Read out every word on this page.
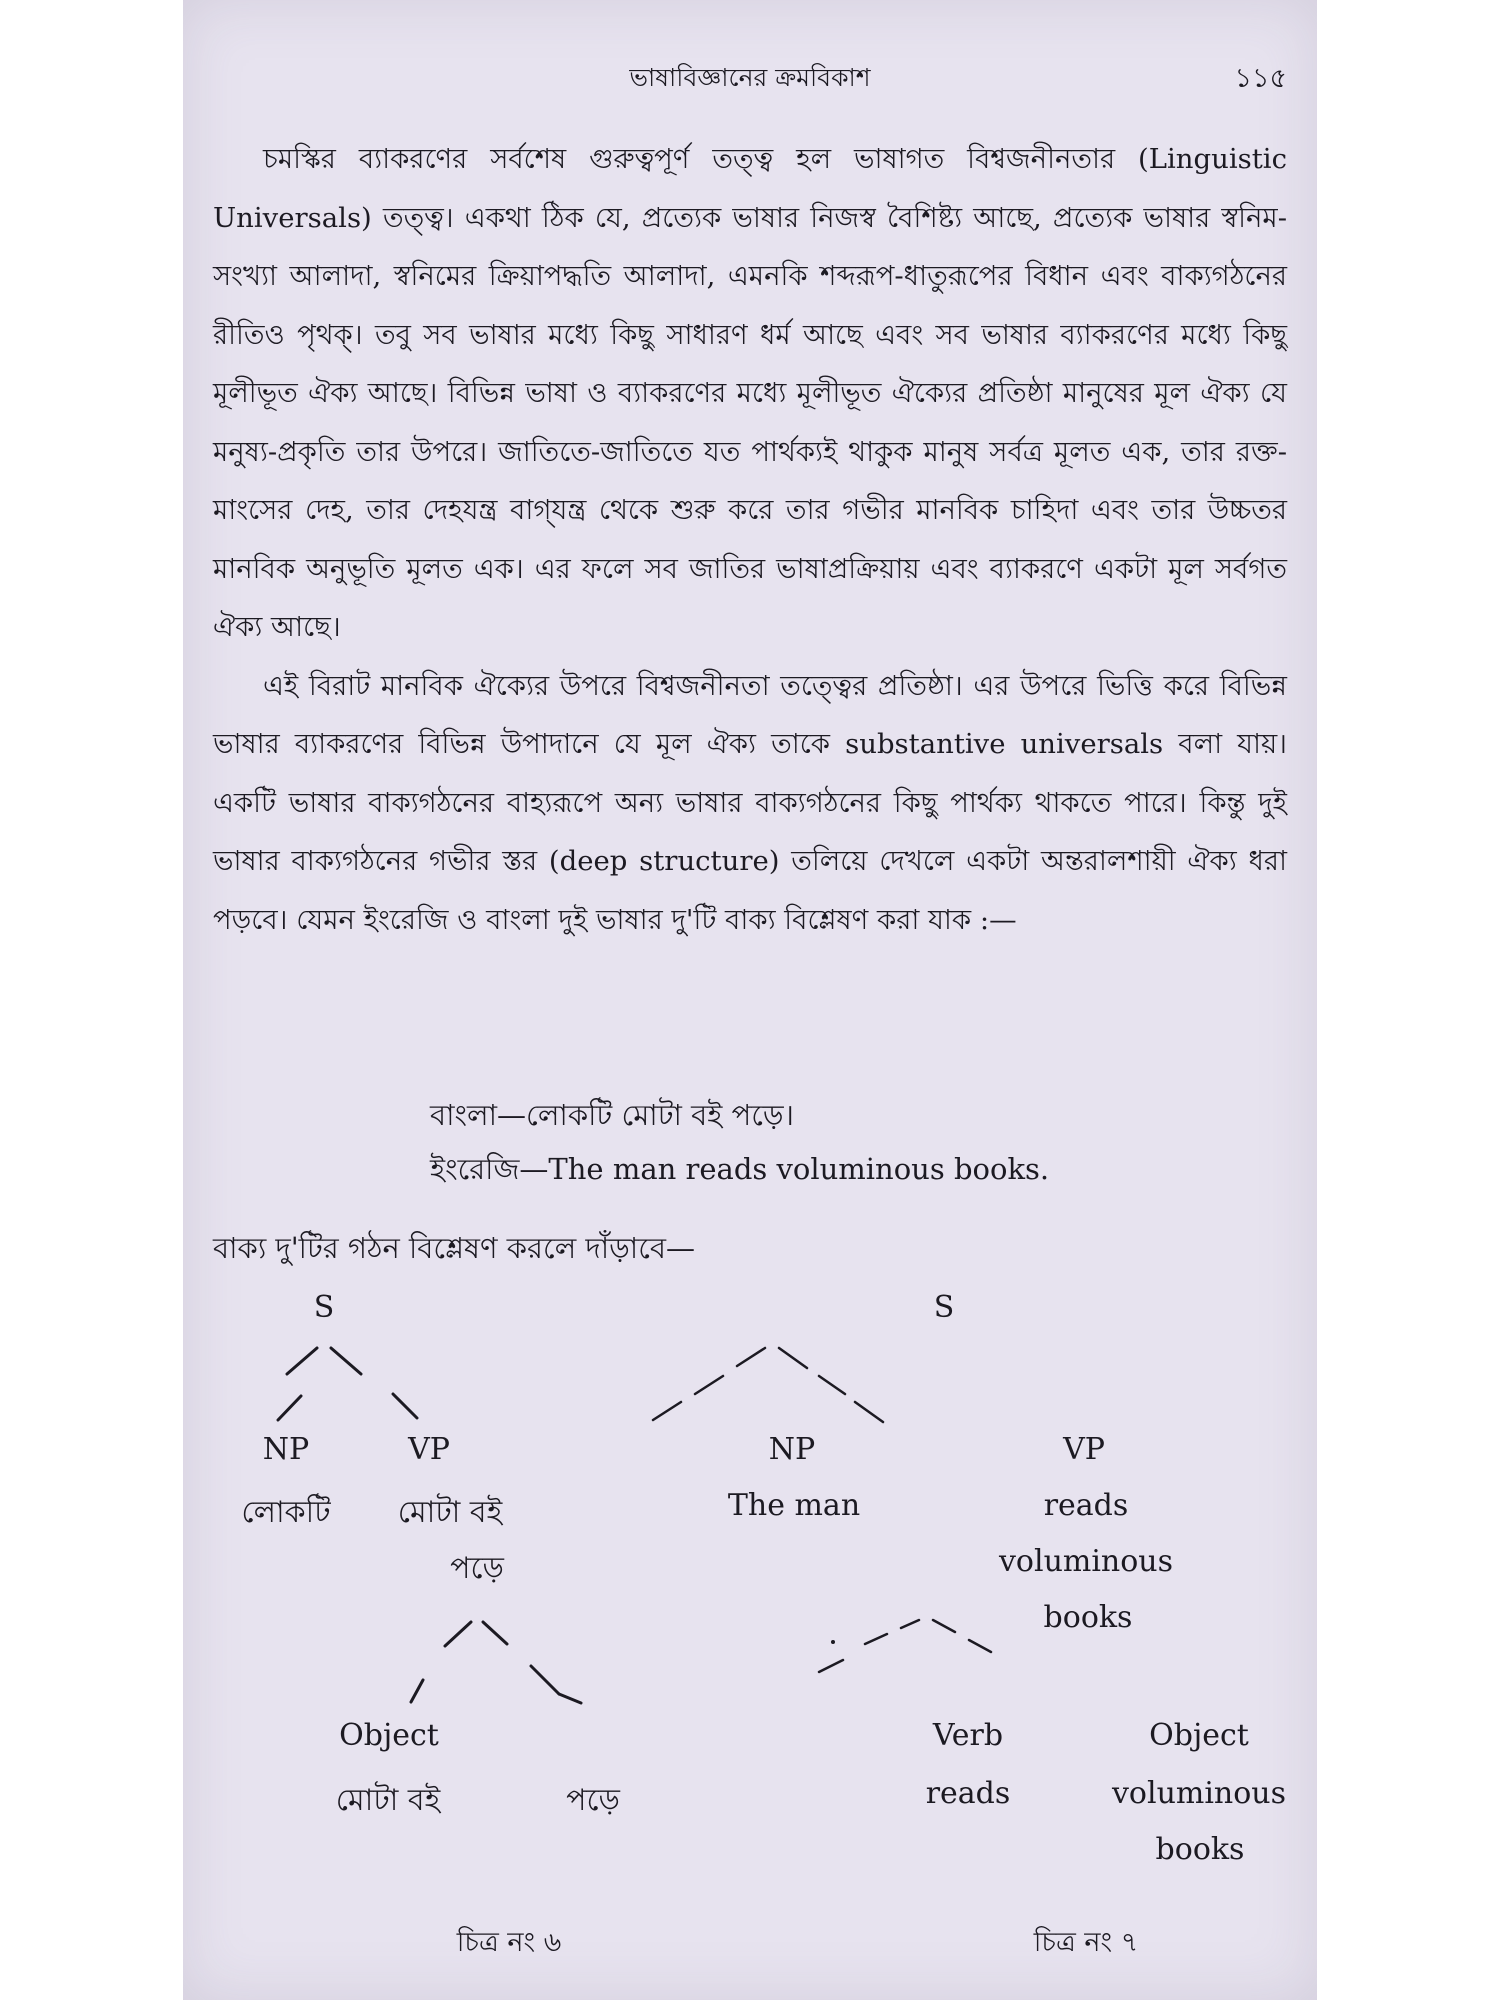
ভাষাবিজ্ঞানের ক্রমবিকাশ	১১৫

চমস্কির ব্যাকরণের সর্বশেষ গুরুত্বপূর্ণ তত্ত্ব হল ভাষাগত বিশ্বজনীনতার (Linguistic Universals) তত্ত্ব। একথা ঠিক যে, প্রত্যেক ভাষার নিজস্ব বৈশিষ্ট্য আছে, প্রত্যেক ভাষার স্বনিম-সংখ্যা আলাদা, স্বনিমের ক্রিয়াপদ্ধতি আলাদা, এমনকি শব্দরূপ-ধাতুরূপের বিধান এবং বাক্যগঠনের রীতিও পৃথক্। তবু সব ভাষার মধ্যে কিছু সাধারণ ধর্ম আছে এবং সব ভাষার ব্যাকরণের মধ্যে কিছু মূলীভূত ঐক্য আছে। বিভিন্ন ভাষা ও ব্যাকরণের মধ্যে মূলীভূত ঐক্যের প্রতিষ্ঠা মানুষের মূল ঐক্য যে মনুষ্য-প্রকৃতি তার উপরে। জাতিতে-জাতিতে যত পার্থক্যই থাকুক মানুষ সর্বত্র মূলত এক, তার রক্ত-মাংসের দেহ, তার দেহযন্ত্র বাগ্‌যন্ত্র থেকে শুরু করে তার গভীর মানবিক চাহিদা এবং তার উচ্চতর মানবিক অনুভূতি মূলত এক। এর ফলে সব জাতির ভাষাপ্রক্রিয়ায় এবং ব্যাকরণে একটা মূল সর্বগত ঐক্য আছে।

এই বিরাট মানবিক ঐক্যের উপরে বিশ্বজনীনতা তত্ত্বের প্রতিষ্ঠা। এর উপরে ভিত্তি করে বিভিন্ন ভাষার ব্যাকরণের বিভিন্ন উপাদানে যে মূল ঐক্য তাকে substantive universals বলা যায়। একটি ভাষার বাক্যগঠনের বাহ্যরূপে অন্য ভাষার বাক্যগঠনের কিছু পার্থক্য থাকতে পারে। কিন্তু দুই ভাষার বাক্যগঠনের গভীর স্তর (deep structure) তলিয়ে দেখলে একটা অন্তরালশায়ী ঐক্য ধরা পড়বে। যেমন ইংরেজি ও বাংলা দুই ভাষার দু'টি বাক্য বিশ্লেষণ করা যাক :—

বাংলা—লোকটি মোটা বই পড়ে।
ইংরেজি—The man reads voluminous books.
বাক্য দু'টির গঠন বিশ্লেষণ করলে দাঁড়াবে—
S
NP	VP
লোকটি মোটা বই
পড়ে
Object
মোটা বই	পড়ে
S
NP	VP
The man	reads
voluminous
books
Verb
reads
Object
voluminous
books
চিত্র নং ৬	চিত্র নং ৭
